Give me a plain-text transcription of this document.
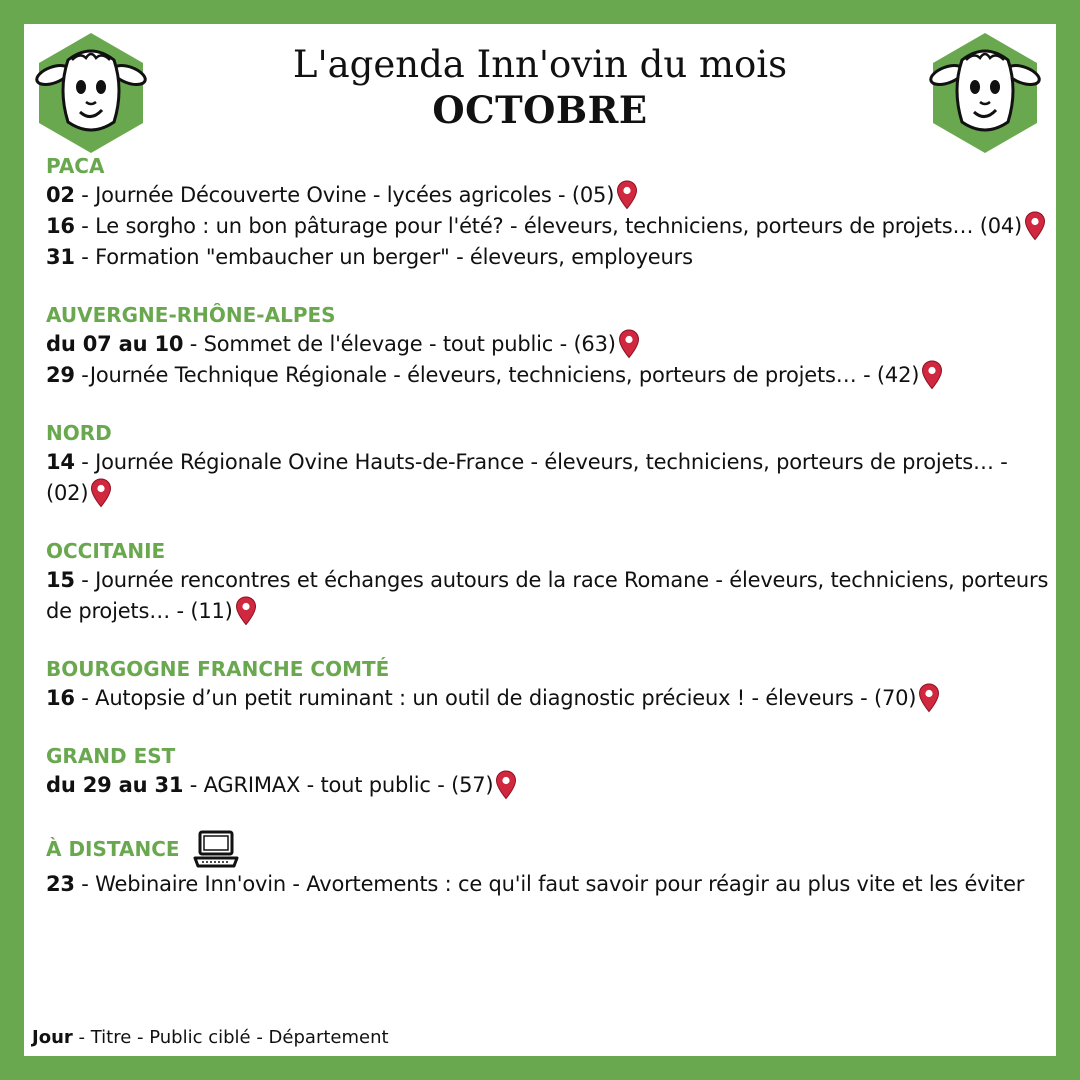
L'agenda Inn'ovin du mois
OCTOBRE
PACA
02 - Journée Découverte Ovine - lycées agricoles - (05)
16 - Le sorgho : un bon pâturage pour l'été? - éleveurs, techniciens, porteurs de projets… (04)
31 - Formation "embaucher un berger" - éleveurs, employeurs
AUVERGNE-RHÔNE-ALPES
du 07 au 10 - Sommet de l'élevage - tout public - (63)
29 -Journée Technique Régionale - éleveurs, techniciens, porteurs de projets… - (42)
NORD
14 - Journée Régionale Ovine Hauts-de-France - éleveurs, techniciens, porteurs de projets… - (02)
OCCITANIE
15 - Journée rencontres et échanges autours de la race Romane - éleveurs, techniciens, porteurs de projets… - (11)
BOURGOGNE FRANCHE COMTÉ
16 - Autopsie d’un petit ruminant : un outil de diagnostic précieux ! - éleveurs - (70)
GRAND EST
du 29 au 31 - AGRIMAX - tout public - (57)
À DISTANCE
23 - Webinaire Inn'ovin - Avortements : ce qu'il faut savoir pour réagir au plus vite et les éviter
Jour - Titre - Public ciblé - Département
